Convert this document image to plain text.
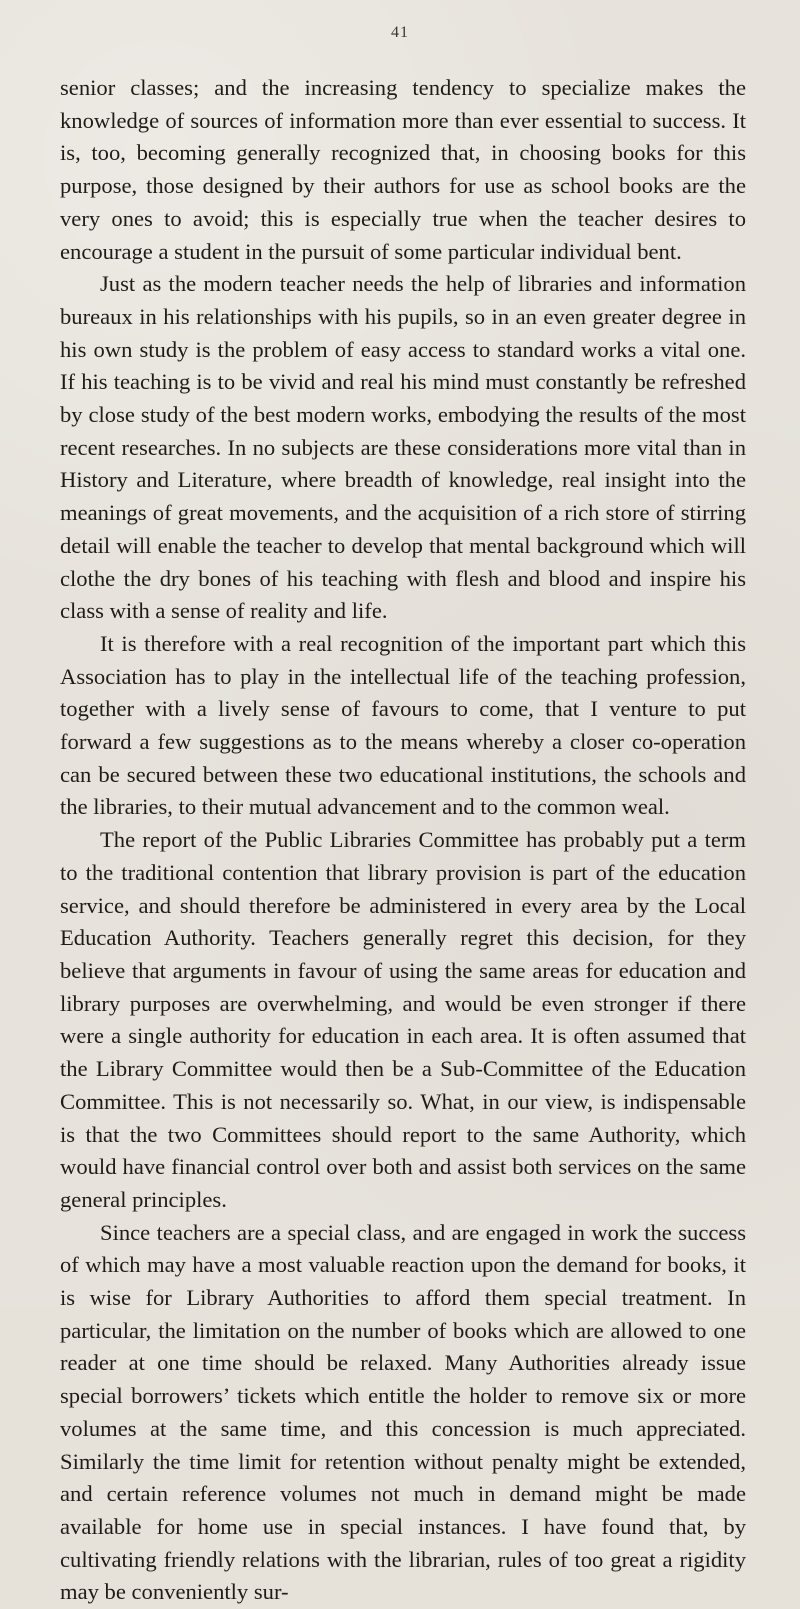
41

senior classes; and the increasing tendency to specialize makes the knowledge of sources of information more than ever essential to success. It is, too, becoming generally recognized that, in choosing books for this purpose, those designed by their authors for use as school books are the very ones to avoid; this is especially true when the teacher desires to encourage a student in the pursuit of some particular individual bent.

Just as the modern teacher needs the help of libraries and information bureaux in his relationships with his pupils, so in an even greater degree in his own study is the problem of easy access to standard works a vital one. If his teaching is to be vivid and real his mind must constantly be refreshed by close study of the best modern works, embodying the results of the most recent researches. In no subjects are these considerations more vital than in History and Literature, where breadth of knowledge, real insight into the meanings of great movements, and the acquisition of a rich store of stirring detail will enable the teacher to develop that mental background which will clothe the dry bones of his teaching with flesh and blood and inspire his class with a sense of reality and life.

It is therefore with a real recognition of the important part which this Association has to play in the intellectual life of the teaching profession, together with a lively sense of favours to come, that I venture to put forward a few suggestions as to the means whereby a closer co-operation can be secured between these two educational institutions, the schools and the libraries, to their mutual advancement and to the common weal.

The report of the Public Libraries Committee has probably put a term to the traditional contention that library provision is part of the education service, and should therefore be administered in every area by the Local Education Authority. Teachers generally regret this decision, for they believe that arguments in favour of using the same areas for education and library purposes are overwhelming, and would be even stronger if there were a single authority for education in each area. It is often assumed that the Library Committee would then be a Sub-Committee of the Education Committee. This is not necessarily so. What, in our view, is indispensable is that the two Committees should report to the same Authority, which would have financial control over both and assist both services on the same general principles.

Since teachers are a special class, and are engaged in work the success of which may have a most valuable reaction upon the demand for books, it is wise for Library Authorities to afford them special treatment. In particular, the limitation on the number of books which are allowed to one reader at one time should be relaxed. Many Authorities already issue special borrowers’ tickets which entitle the holder to remove six or more volumes at the same time, and this concession is much appreciated. Similarly the time limit for retention without penalty might be extended, and certain reference volumes not much in demand might be made available for home use in special instances. I have found that, by cultivating friendly relations with the librarian, rules of too great a rigidity may be conveniently sur-
